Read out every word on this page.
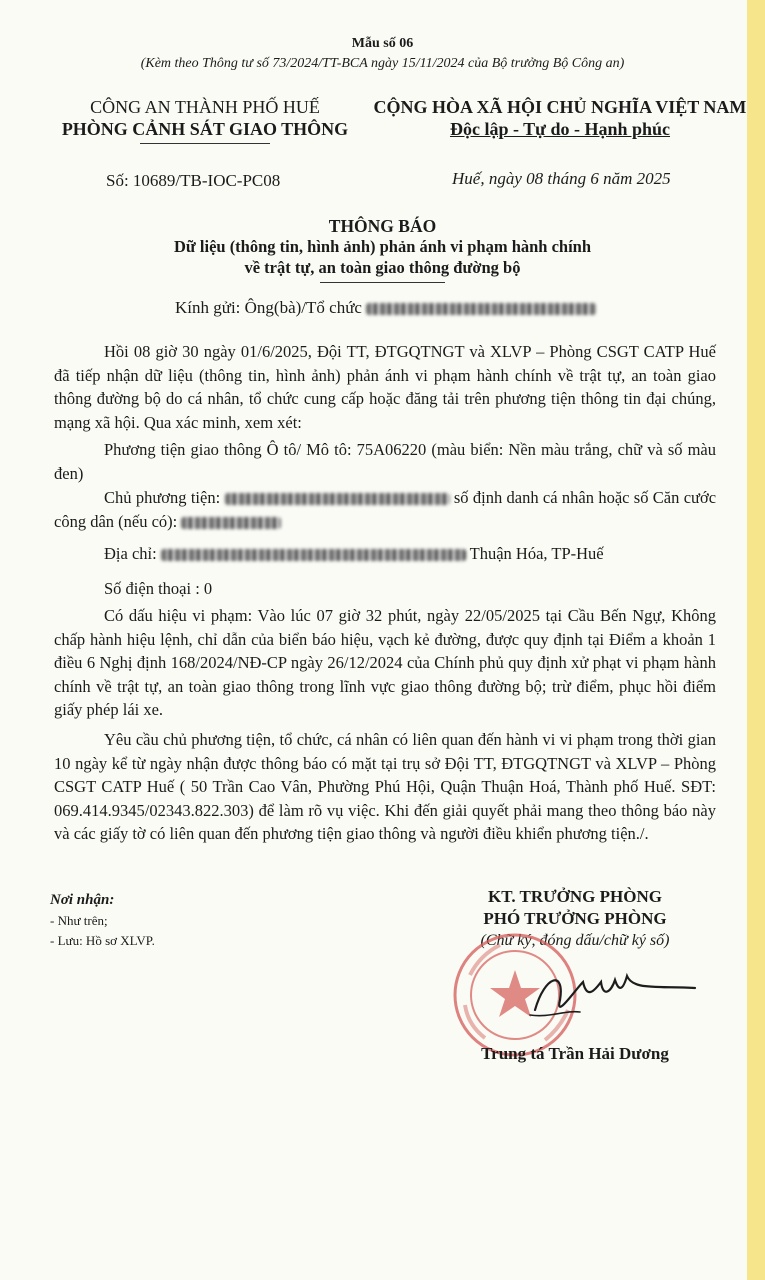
Mẫu số 06
(Kèm theo Thông tư số 73/2024/TT-BCA ngày 15/11/2024 của Bộ trưởng Bộ Công an)
CÔNG AN THÀNH PHỐ HUẾ
PHÒNG CẢNH SÁT GIAO THÔNG
CỘNG HÒA XÃ HỘI CHỦ NGHĨA VIỆT NAM
Độc lập - Tự do - Hạnh phúc
Số: 10689/TB-IOC-PC08	Huế, ngày 08 tháng 6 năm 2025
THÔNG BÁO
Dữ liệu (thông tin, hình ảnh) phản ánh vi phạm hành chính
về trật tự, an toàn giao thông đường bộ
Kính gửi: Ông(bà)/Tổ chức
Hồi 08 giờ 30 ngày 01/6/2025, Đội TT, ĐTGQTNGT và XLVP – Phòng CSGT CATP Huế đã tiếp nhận dữ liệu (thông tin, hình ảnh) phản ánh vi phạm hành chính về trật tự, an toàn giao thông đường bộ do cá nhân, tổ chức cung cấp hoặc đăng tải trên phương tiện thông tin đại chúng, mạng xã hội. Qua xác minh, xem xét:
Phương tiện giao thông Ô tô/ Mô tô: 75A06220 (màu biển: Nền màu trắng, chữ và số màu đen)
Chủ phương tiện:	số định danh cá nhân hoặc số Căn cước công dân (nếu có):
Địa chỉ:	Thuận Hóa, TP-Huế
Số điện thoại : 0
Có dấu hiệu vi phạm: Vào lúc 07 giờ 32 phút, ngày 22/05/2025 tại Cầu Bến Ngự, Không chấp hành hiệu lệnh, chỉ dẫn của biển báo hiệu, vạch kẻ đường, được quy định tại Điểm a khoản 1 điều 6 Nghị định 168/2024/NĐ-CP ngày 26/12/2024 của Chính phủ quy định xử phạt vi phạm hành chính về trật tự, an toàn giao thông trong lĩnh vực giao thông đường bộ; trừ điểm, phục hồi điểm giấy phép lái xe.
Yêu cầu chủ phương tiện, tổ chức, cá nhân có liên quan đến hành vi vi phạm trong thời gian 10 ngày kể từ ngày nhận được thông báo có mặt tại trụ sở Đội TT, ĐTGQTNGT và XLVP – Phòng CSGT CATP Huế ( 50 Trần Cao Vân, Phường Phú Hội, Quận Thuận Hoá, Thành phố Huế. SĐT: 069.414.9345/02343.822.303) để làm rõ vụ việc. Khi đến giải quyết phải mang theo thông báo này và các giấy tờ có liên quan đến phương tiện giao thông và người điều khiển phương tiện./.
Nơi nhận:
- Như trên;
- Lưu: Hồ sơ XLVP.
KT. TRƯỞNG PHÒNG
PHÓ TRƯỞNG PHÒNG
(Chữ ký, đóng dấu/chữ ký số)
Trung tá Trần Hải Dương
